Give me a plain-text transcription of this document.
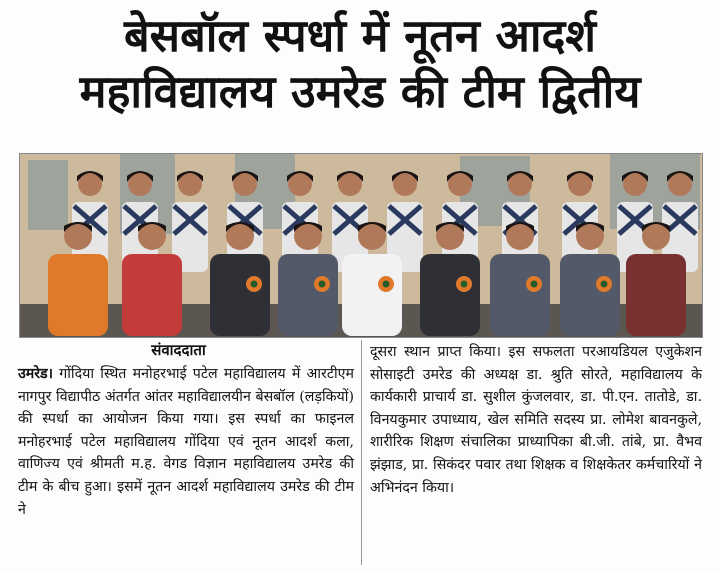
बेसबॉल स्पर्धा में नूतन आदर्श
महाविद्यालय उमरेड की टीम द्वितीय
संवाददाता
उमरेड। गोंदिया स्थित मनोहरभाई पटेल महाविद्यालय में आरटीएम नागपुर विद्यापीठ अंतर्गत आंतर महाविद्यालयीन बेसबॉल (लड़कियों) की स्पर्धा का आयोजन किया गया। इस स्पर्धा का फाइनल मनोहरभाई पटेल महाविद्यालय गोंदिया एवं नूतन आदर्श कला, वाणिज्य एवं श्रीमती म.ह. वेगड विज्ञान महाविद्यालय उमरेड की टीम के बीच हुआ। इसमें नूतन आदर्श महाविद्यालय उमरेड की टीम ने
दूसरा स्थान प्राप्त किया। इस सफलता परआयडियल एजुकेशन सोसाइटी उमरेड की अध्यक्ष डा. श्रुति सोरते, महाविद्यालय के कार्यकारी प्राचार्य डा. सुशील कुंजलवार, डा. पी.एन. तातोडे, डा. विनयकुमार उपाध्याय, खेल समिति सदस्य प्रा. लोमेश बावनकुले, शारीरिक शिक्षण संचालिका प्राध्यापिका बी.जी. तांबे, प्रा. वैभव झंझाड, प्रा. सिकंदर पवार तथा शिक्षक व शिक्षकेतर कर्मचारियों ने अभिनंदन किया।
